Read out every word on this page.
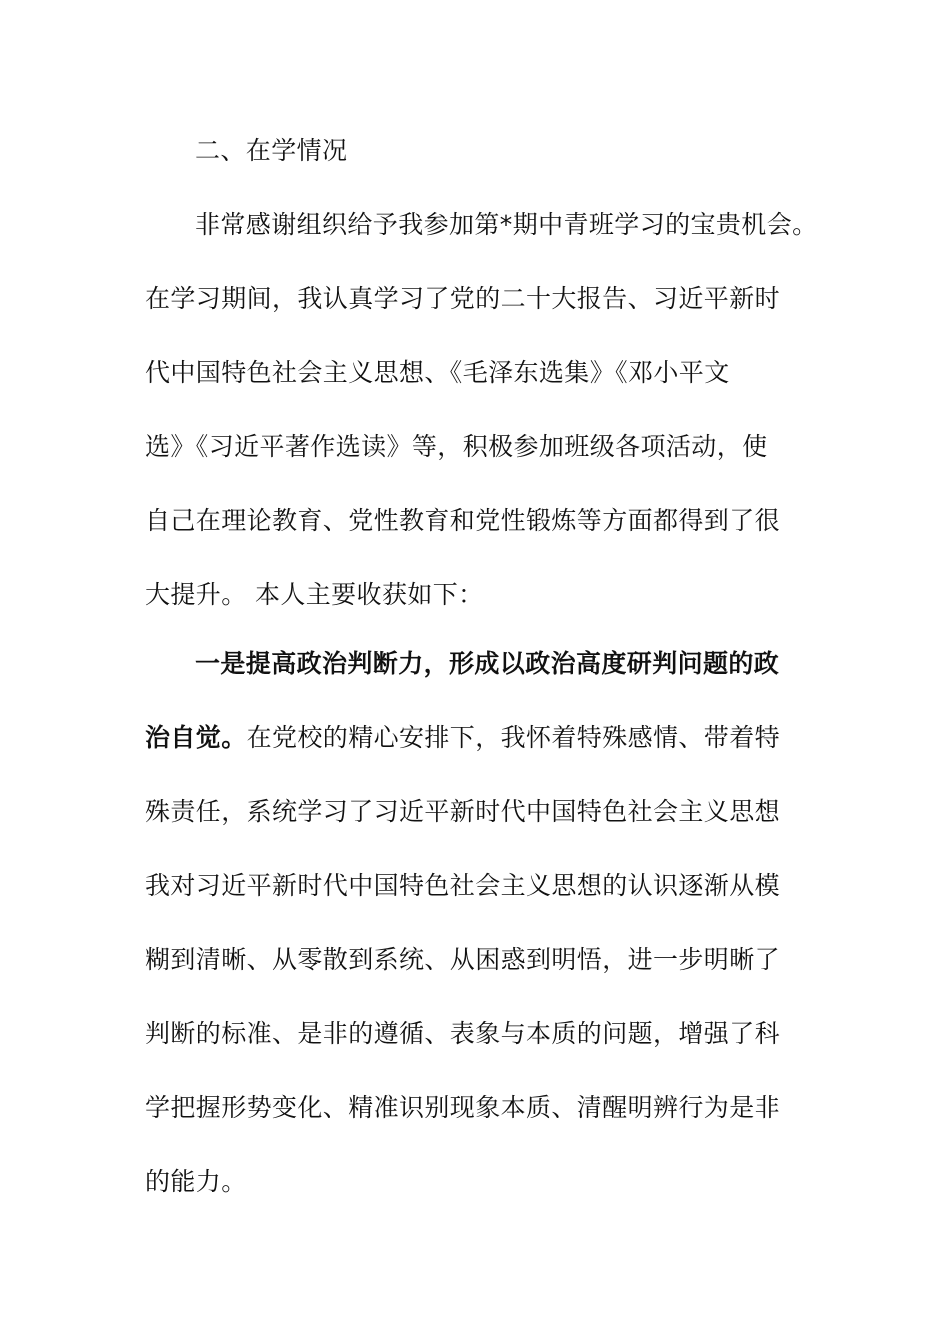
二、在学情况
非常感谢组织给予我参加第*期中青班学习的宝贵机会。
在学习期间，我认真学习了党的二十大报告、习近平新时
代中国特色社会主义思想、《毛泽东选集》《邓小平文
选》《习近平著作选读》等，积极参加班级各项活动，使
自己在理论教育、党性教育和党性锻炼等方面都得到了很
大提升。 本人主要收获如下：
一是提高政治判断力，形成以政治高度研判问题的政
治自觉。在党校的精心安排下，我怀着特殊感情、带着特
殊责任，系统学习了习近平新时代中国特色社会主义思想
我对习近平新时代中国特色社会主义思想的认识逐渐从模
糊到清晰、从零散到系统、从困惑到明悟，进一步明晰了
判断的标准、是非的遵循、表象与本质的问题，增强了科
学把握形势变化、精准识别现象本质、清醒明辨行为是非
的能力。
